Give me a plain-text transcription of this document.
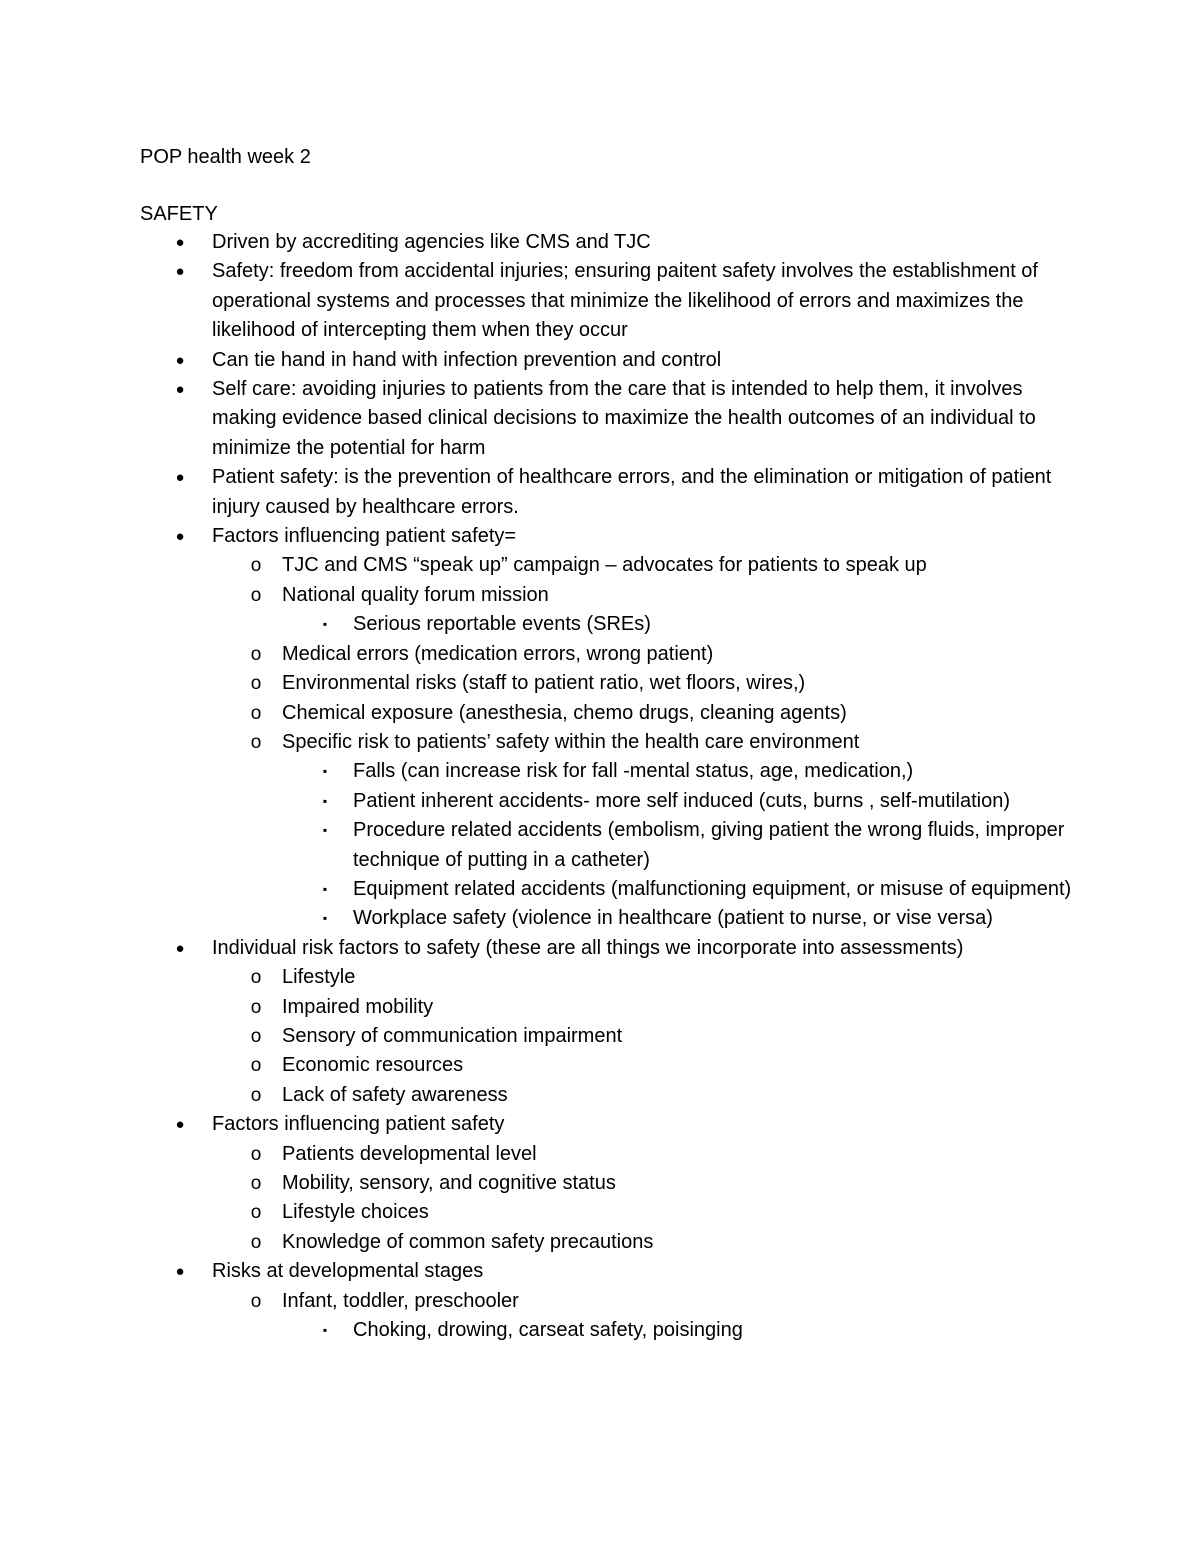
POP health week 2
SAFETY
●	Driven by accrediting agencies like CMS and TJC
●	Safety: freedom from accidental injuries; ensuring paitent safety involves the establishment of operational systems and processes that minimize the likelihood of errors and maximizes the likelihood of intercepting them when they occur
●	Can tie hand in hand with infection prevention and control
●	Self care: avoiding injuries to patients from the care that is intended to help them, it involves making evidence based clinical decisions to maximize the health outcomes of an individual to minimize the potential for harm
●	Patient safety: is the prevention of healthcare errors, and the elimination or mitigation of patient injury caused by healthcare errors.
●	Factors influencing patient safety=
o	TJC and CMS “speak up” campaign – advocates for patients to speak up
o	National quality forum mission
▪	Serious reportable events (SREs)
o	Medical errors (medication errors, wrong patient)
o	Environmental risks (staff to patient ratio, wet floors, wires,)
o	Chemical exposure (anesthesia, chemo drugs, cleaning agents)
o	Specific risk to patients’ safety within the health care environment
▪	Falls (can increase risk for fall -mental status, age, medication,)
▪	Patient inherent accidents- more self induced (cuts, burns , self-mutilation)
▪	Procedure related accidents (embolism, giving patient the wrong fluids, improper technique of putting in a catheter)
▪	Equipment related accidents (malfunctioning equipment, or misuse of equipment)
▪	Workplace safety (violence in healthcare (patient to nurse, or vise versa)
●	Individual risk factors to safety (these are all things we incorporate into assessments)
o	Lifestyle
o	Impaired mobility
o	Sensory of communication impairment
o	Economic resources
o	Lack of safety awareness
●	Factors influencing patient safety
o	Patients developmental level
o	Mobility, sensory, and cognitive status
o	Lifestyle choices
o	Knowledge of common safety precautions
●	Risks at developmental stages
o	Infant, toddler, preschooler
▪	Choking, drowing, carseat safety, poisinging
